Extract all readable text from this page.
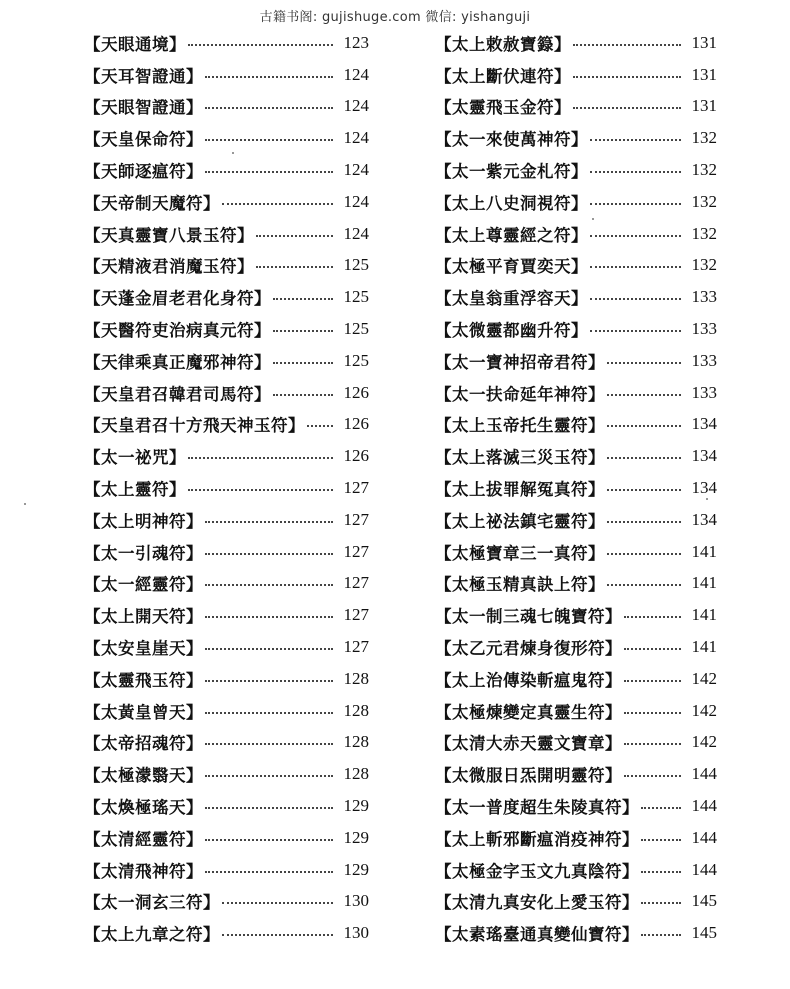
古籍书阁: gujishuge.com 微信: yishanguji
【天眼通境】	123
【天耳智證通】	124
【天眼智證通】	124
【天皇保命符】	124
【天師逐瘟符】	124
【天帝制天魔符】	124
【天真靈寶八景玉符】	124
【天精液君消魔玉符】	125
【天蓬金眉老君化身符】	125
【天醫符吏治病真元符】	125
【天律乘真正魔邪神符】	125
【天皇君召韓君司馬符】	126
【天皇君召十方飛天神玉符】	126
【太一祕咒】	126
【太上靈符】	127
【太上明神符】	127
【太一引魂符】	127
【太一經靈符】	127
【太上開天符】	127
【太安皇崖天】	127
【太靈飛玉符】	128
【太黃皇曾天】	128
【太帝招魂符】	128
【太極濛翳天】	128
【太煥極瑤天】	129
【太清經靈符】	129
【太清飛神符】	129
【太一洞玄三符】	130
【太上九章之符】	130
【太上敕赦寶籙】	131
【太上斷伏連符】	131
【太靈飛玉金符】	131
【太一來使萬神符】	132
【太一紫元金札符】	132
【太上八史洞視符】	132
【太上尊靈經之符】	132
【太極平育賈奕天】	132
【太皇翁重浮容天】	133
【太微靈都幽升符】	133
【太一寶神招帝君符】	133
【太一扶命延年神符】	133
【太上玉帝托生靈符】	134
【太上落滅三災玉符】	134
【太上拔罪解冤真符】	134
【太上祕法鎮宅靈符】	134
【太極寶章三一真符】	141
【太極玉精真訣上符】	141
【太一制三魂七魄寶符】	141
【太乙元君煉身復形符】	141
【太上治傳染斬瘟鬼符】	142
【太極煉變定真靈生符】	142
【太清大赤天靈文寶章】	142
【太微服日炁開明靈符】	144
【太一普度超生朱陵真符】	144
【太上斬邪斷瘟消疫神符】	144
【太極金字玉文九真陰符】	144
【太清九真安化上愛玉符】	145
【太素瑤臺通真變仙寶符】	145
